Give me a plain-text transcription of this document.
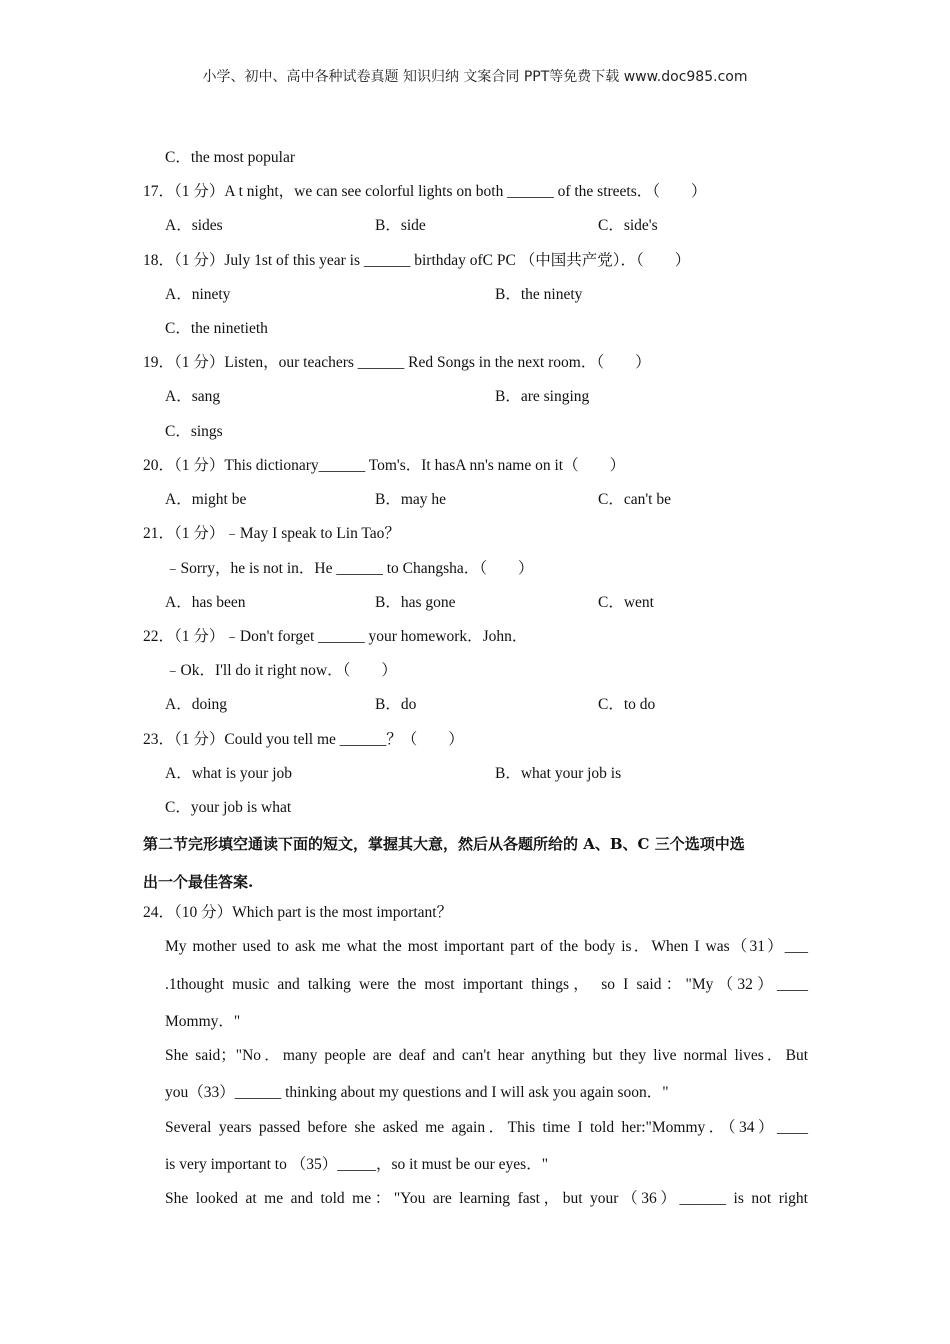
小学、初中、高中各种试卷真题 知识归纳 文案合同 PPT等免费下载 www.doc985.com
C．the most popular
17．（1 分）A t night，we can see colorful lights on both ______ of the streets．（　　）
A．sides	B．side	C．side's
18．（1 分）July 1st of this year is ______ birthday ofC PC （中国共产党）．（　　）
A．ninety	B．the ninety
C．the ninetieth
19．（1 分）Listen，our teachers ______ Red Songs in the next room．（　　）
A．sang	B．are singing
C．sings
20．（1 分）This dictionary______ Tom's．It hasA nn's name on it（　　）
A．might be	B．may he	C．can't be
21．（1 分）﹣May I speak to Lin Tao？
﹣Sorry，he is not in．He ______ to Changsha．（　　）
A．has been	B．has gone	C．went
22．（1 分）﹣Don't forget ______ your homework．John．
﹣Ok．I'll do it right now．（　　）
A．doing	B．do	C．to do
23．（1 分）Could you tell me ______？（　　）
A．what is your job	B．what your job is
C．your job is what
第二节完形填空通读下面的短文，掌握其大意，然后从各题所给的 A、B、C 三个选项中选
出一个最佳答案.
24．（10 分）Which part is the most important？
My mother used to ask me what the most important part of the body is．When I was（31）___
.1thought music and talking were the most important things， so I said："My（32）____
Mommy．"
She said；"No．many people are deaf and can't hear anything but they live normal lives．But
you（33）______ thinking about my questions and I will ask you again soon．"
Several years passed before she asked me again．This time I told her:"Mommy．（34）____
is very important to （35）_____，so it must be our eyes．"
She looked at me and told me："You are learning fast，but your（36）______ is not right
